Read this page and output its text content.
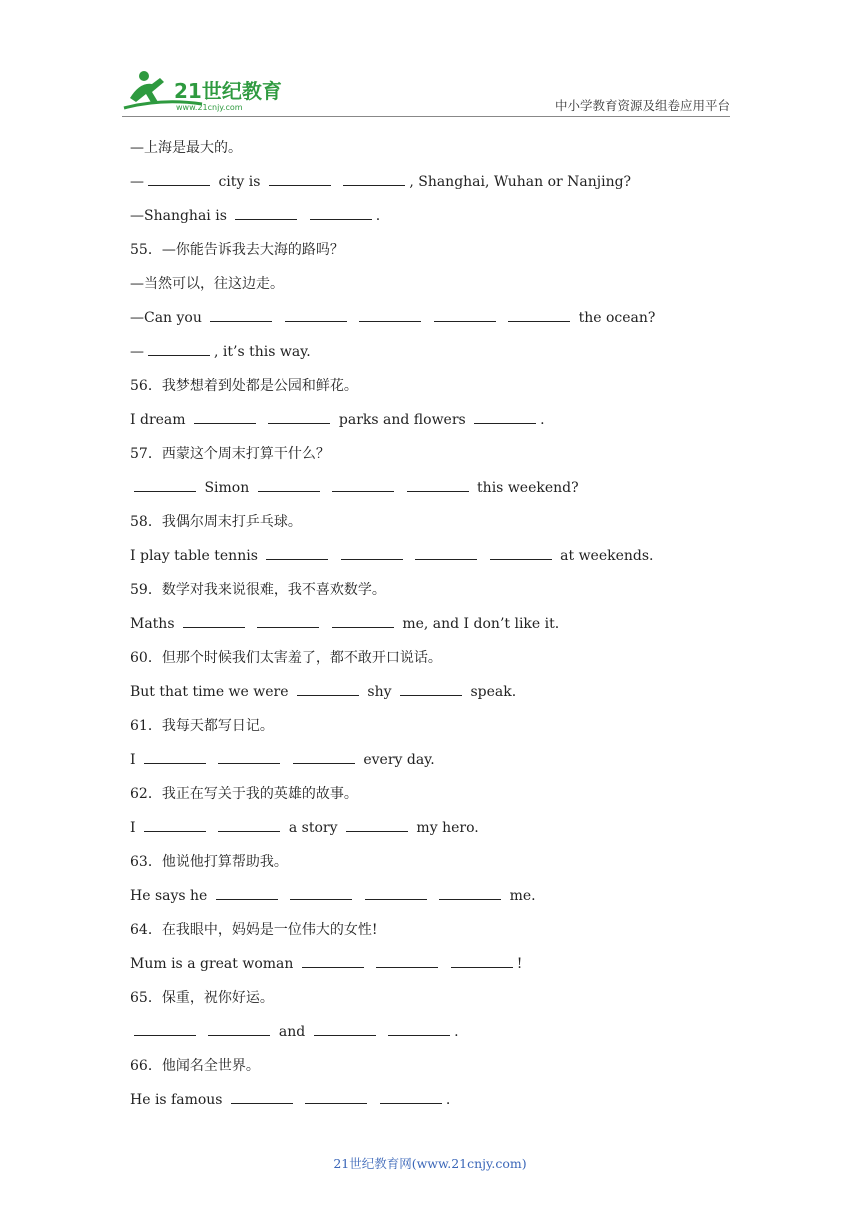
21世纪教育
www.21cnjy.com	中小学教育资源及组卷应用平台
—上海是最大的。
—	city is	, Shanghai, Wuhan or Nanjing?
—Shanghai is	.
55．—你能告诉我去大海的路吗？
—当然可以，往这边走。
—Can you	the ocean?
—	, it’s this way.
56．我梦想着到处都是公园和鲜花。
I dream	parks and flowers	.
57．西蒙这个周末打算干什么？
Simon	this weekend?
58．我偶尔周末打乒乓球。
I play table tennis	at weekends.
59．数学对我来说很难，我不喜欢数学。
Maths	me, and I don’t like it.
60．但那个时候我们太害羞了，都不敢开口说话。
But that time we were	shy	speak.
61．我每天都写日记。
I	every day.
62．我正在写关于我的英雄的故事。
I	a story	my hero.
63．他说他打算帮助我。
He says he	me.
64．在我眼中，妈妈是一位伟大的女性!
Mum is a great woman	!
65．保重，祝你好运。
and	.
66．他闻名全世界。
He is famous	.
21世纪教育网(www.21cnjy.com)
